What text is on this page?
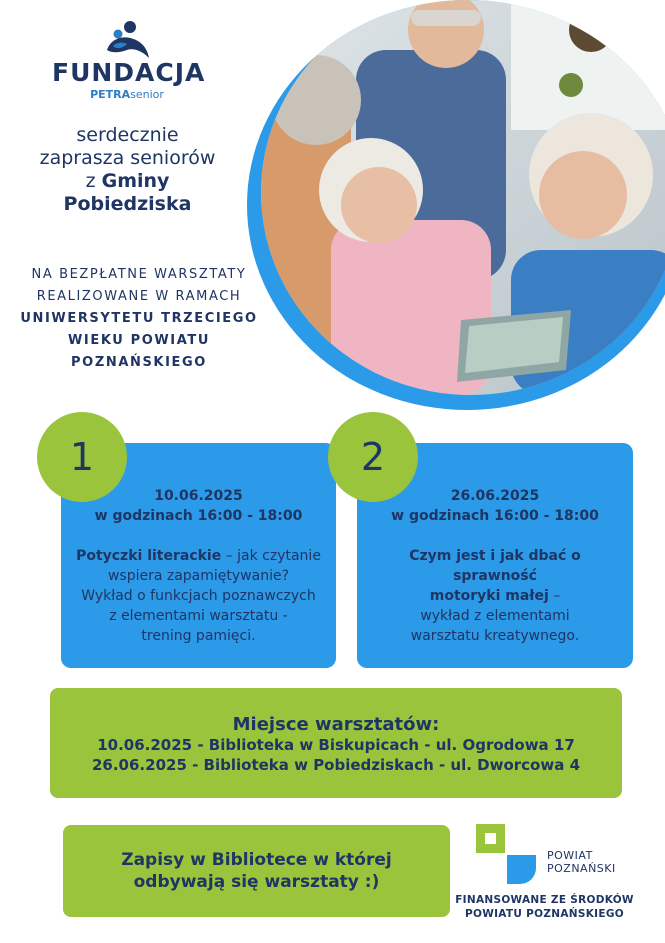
FUNDACJA
PETRAsenior
serdecznie
zaprasza seniorów
z Gminy
Pobiedziska
NA BEZPŁATNE WARSZTATY
REALIZOWANE W RAMACH
UNIWERSYTETU TRZECIEGO
WIEKU POWIATU
POZNAŃSKIEGO
10.06.2025
w godzinach 16:00 - 18:00
Potyczki literackie – jak czytanie
wspiera zapamiętywanie?
Wykład o funkcjach poznawczych
z elementami warsztatu -
trening pamięci.
1
26.06.2025
w godzinach 16:00 - 18:00
Czym jest i jak dbać o sprawność
motoryki małej –
wykład z elementami
warsztatu kreatywnego.
2
Miejsce warsztatów:
10.06.2025 - Biblioteka w Biskupicach - ul. Ogrodowa 17
26.06.2025 - Biblioteka w Pobiedziskach - ul. Dworcowa 4
Zapisy w Bibliotece w której
odbywają się warsztaty :)
POWIAT
POZNAŃSKI
FINANSOWANE ZE ŚRODKÓW
POWIATU POZNAŃSKIEGO
